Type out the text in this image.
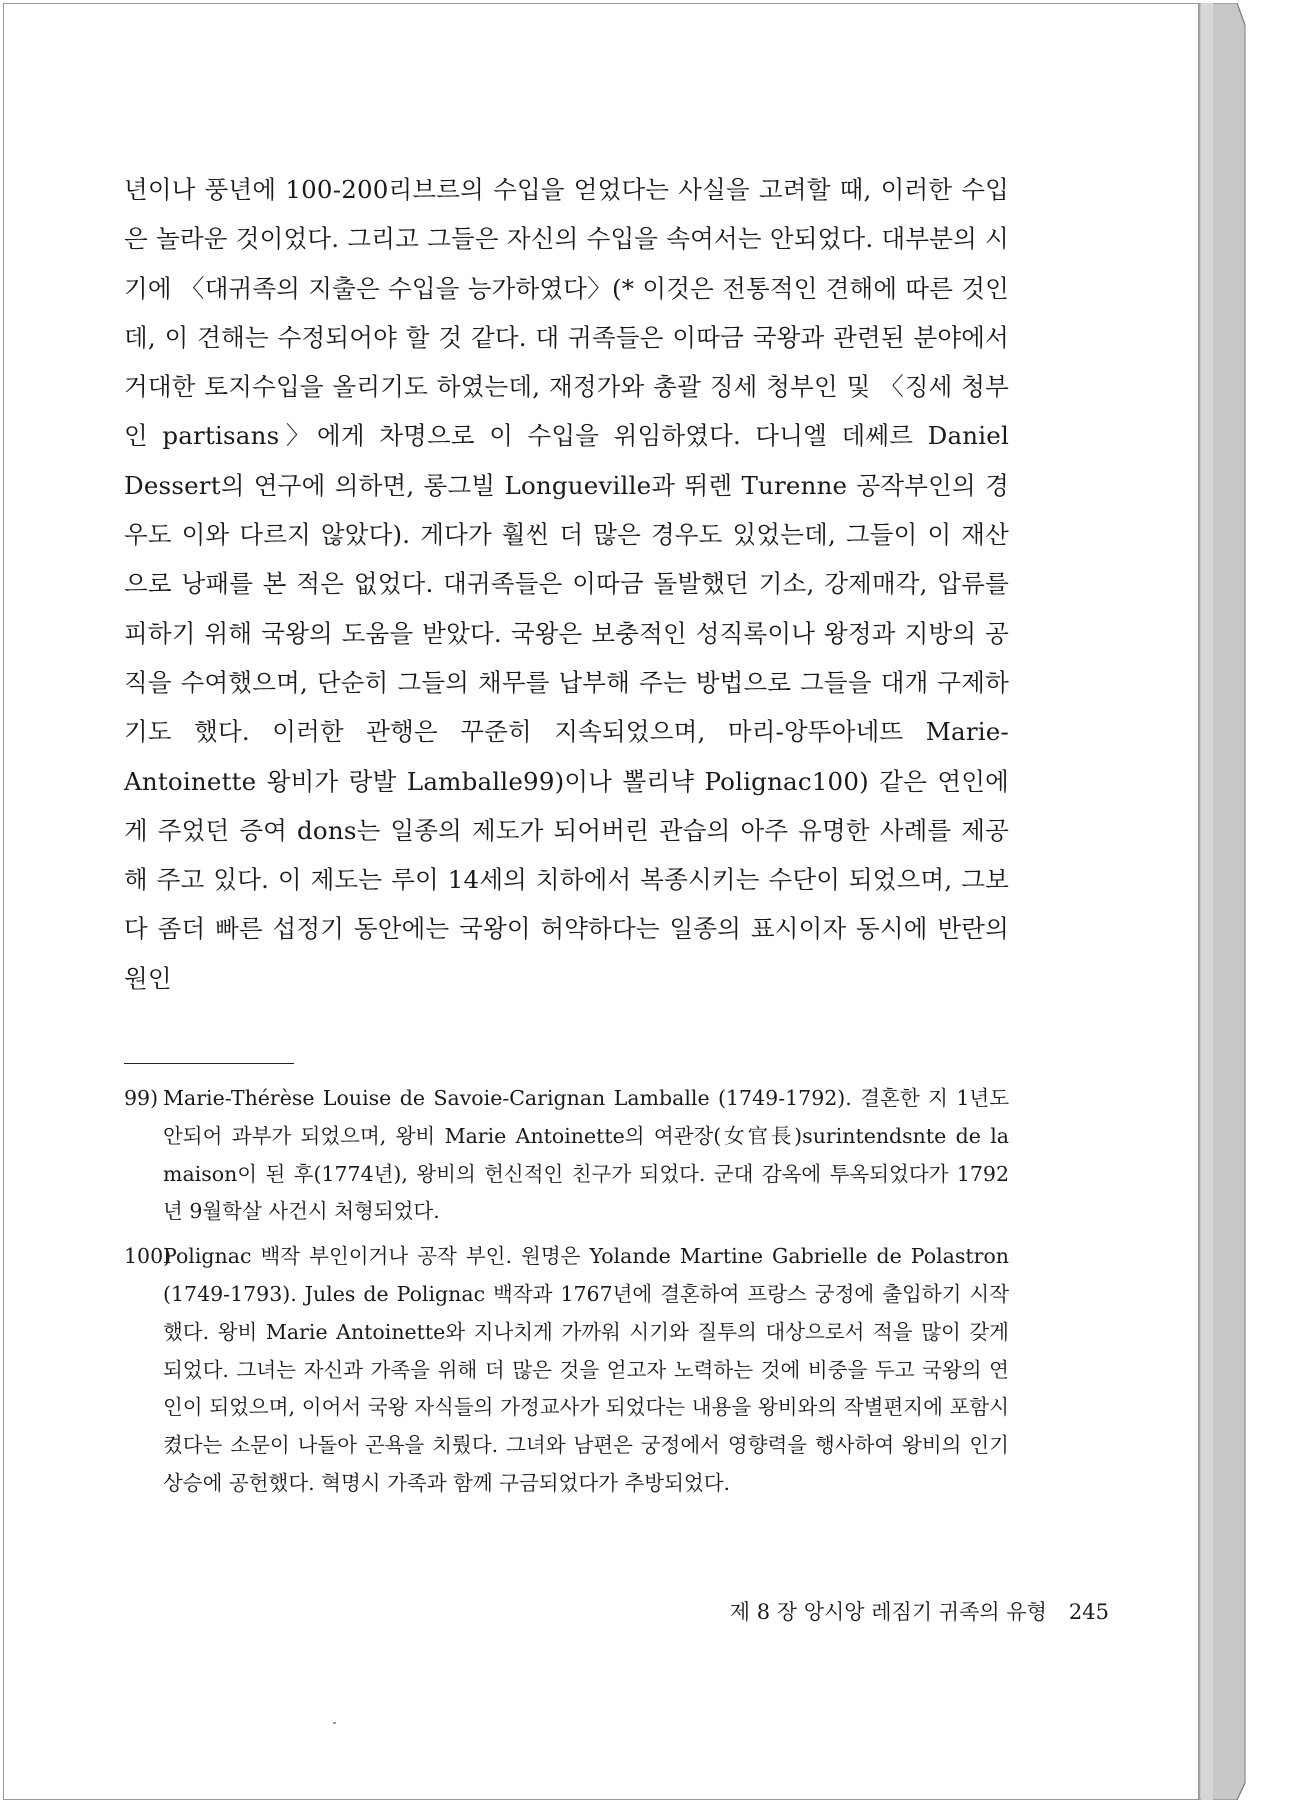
년이나 풍년에 100-200리브르의 수입을 얻었다는 사실을 고려할 때, 이러한 수입은 놀라운 것이었다. 그리고 그들은 자신의 수입을 속여서는 안되었다. 대부분의 시기에 〈대귀족의 지출은 수입을 능가하였다〉(* 이것은 전통적인 견해에 따른 것인데, 이 견해는 수정되어야 할 것 같다. 대 귀족들은 이따금 국왕과 관련된 분야에서 거대한 토지수입을 올리기도 하였는데, 재정가와 총괄 징세 청부인 및 〈징세 청부인 partisans〉에게 차명으로 이 수입을 위임하였다. 다니엘 데쎄르 Daniel Dessert의 연구에 의하면, 롱그빌 Longueville과 뛰렌 Turenne 공작부인의 경우도 이와 다르지 않았다). 게다가 훨씬 더 많은 경우도 있었는데, 그들이 이 재산으로 낭패를 본 적은 없었다. 대귀족들은 이따금 돌발했던 기소, 강제매각, 압류를 피하기 위해 국왕의 도움을 받았다. 국왕은 보충적인 성직록이나 왕정과 지방의 공직을 수여했으며, 단순히 그들의 채무를 납부해 주는 방법으로 그들을 대개 구제하기도 했다. 이러한 관행은 꾸준히 지속되었으며, 마리-앙뚜아네뜨 Marie-Antoinette 왕비가 랑발 Lamballe99)이나 뽈리냑 Polignac100) 같은 연인에게 주었던 증여 dons는 일종의 제도가 되어버린 관습의 아주 유명한 사례를 제공해 주고 있다. 이 제도는 루이 14세의 치하에서 복종시키는 수단이 되었으며, 그보다 좀더 빠른 섭정기 동안에는 국왕이 허약하다는 일종의 표시이자 동시에 반란의 원인

99) Marie-Thérèse Louise de Savoie-Carignan Lamballe (1749-1792). 결혼한 지 1년도 안되어 과부가 되었으며, 왕비 Marie Antoinette의 여관장(女官長)surintendsnte de la maison이 된 후(1774년), 왕비의 헌신적인 친구가 되었다. 군대 감옥에 투옥되었다가 1792년 9월학살 사건시 처형되었다.
100)
Polignac 백작 부인이거나 공작 부인. 원명은 Yolande Martine Gabrielle de Polastron (1749-1793). Jules de Polignac 백작과 1767년에 결혼하여 프랑스 궁정에 출입하기 시작했다. 왕비 Marie Antoinette와 지나치게 가까워 시기와 질투의 대상으로서 적을 많이 갖게 되었다. 그녀는 자신과 가족을 위해 더 많은 것을 얻고자 노력하는 것에 비중을 두고 국왕의 연인이 되었으며, 이어서 국왕 자식들의 가정교사가 되었다는 내용을 왕비와의 작별편지에 포함시켰다는 소문이 나돌아 곤욕을 치뤘다. 그녀와 남편은 궁정에서 영향력을 행사하여 왕비의 인기상승에 공헌했다. 혁명시 가족과 함께 구금되었다가 추방되었다.
제 8 장 앙시앙 레짐기 귀족의 유형 245
